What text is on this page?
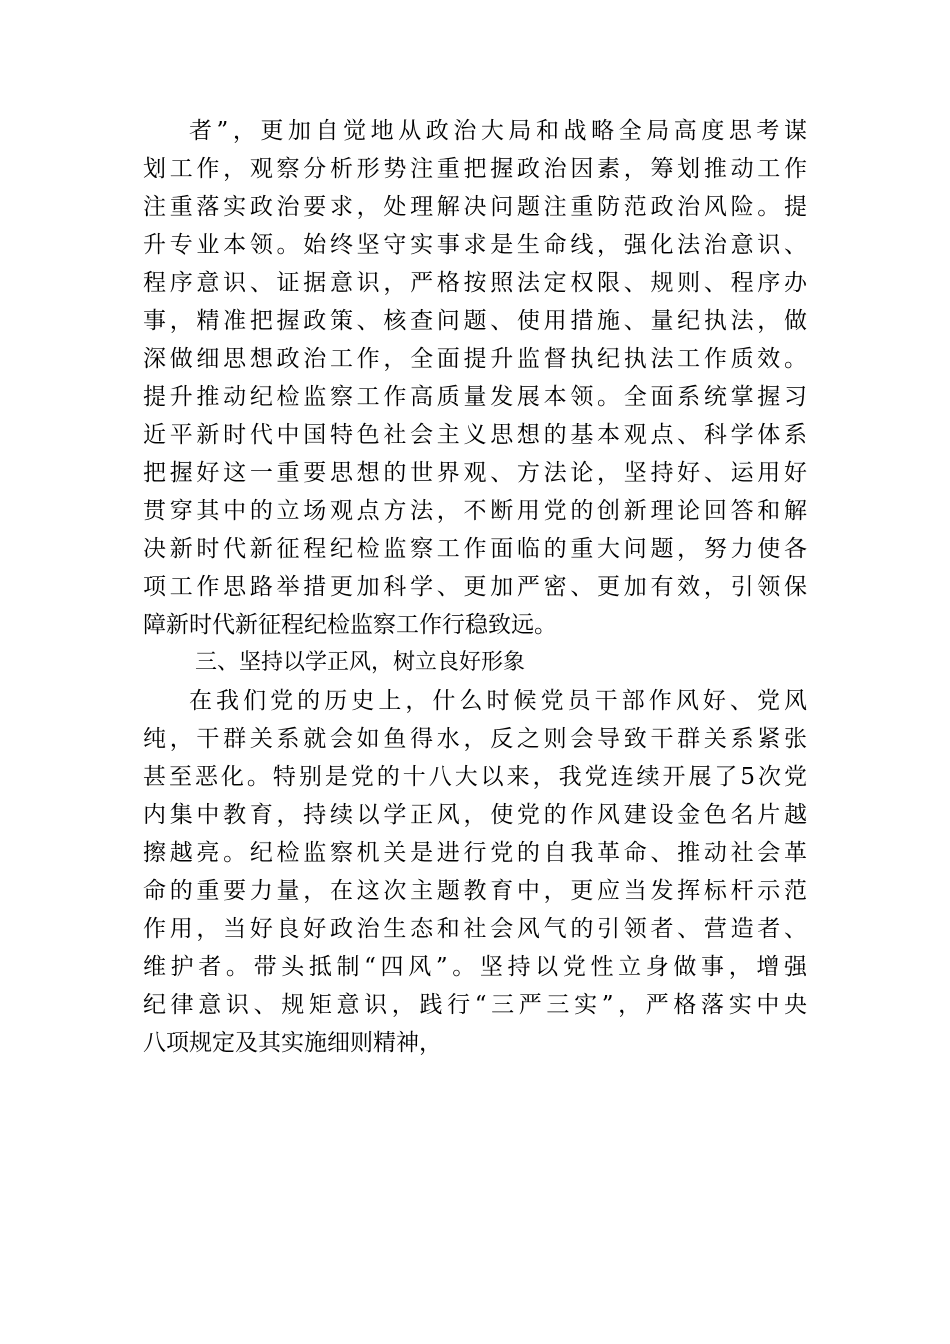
者”，更加自觉地从政治大局和战略全局高度思考谋
划工作，观察分析形势注重把握政治因素，筹划推动工作
注重落实政治要求，处理解决问题注重防范政治风险。提
升专业本领。始终坚守实事求是生命线，强化法治意识、
程序意识、证据意识，严格按照法定权限、规则、程序办
事，精准把握政策、核查问题、使用措施、量纪执法，做
深做细思想政治工作，全面提升监督执纪执法工作质效。
提升推动纪检监察工作高质量发展本领。全面系统掌握习
近平新时代中国特色社会主义思想的基本观点、科学体系
把握好这一重要思想的世界观、方法论，坚持好、运用好
贯穿其中的立场观点方法，不断用党的创新理论回答和解
决新时代新征程纪检监察工作面临的重大问题，努力使各
项工作思路举措更加科学、更加严密、更加有效，引领保
障新时代新征程纪检监察工作行稳致远。
三、坚持以学正风，树立良好形象
在我们党的历史上，什么时候党员干部作风好、党风
纯，干群关系就会如鱼得水，反之则会导致干群关系紧张
甚至恶化。特别是党的十八大以来，我党连续开展了5次党
内集中教育，持续以学正风，使党的作风建设金色名片越
擦越亮。纪检监察机关是进行党的自我革命、推动社会革
命的重要力量，在这次主题教育中，更应当发挥标杆示范
作用，当好良好政治生态和社会风气的引领者、营造者、
维护者。带头抵制“四风”。坚持以党性立身做事，增强
纪律意识、规矩意识，践行“三严三实”，严格落实中央
八项规定及其实施细则精神，
